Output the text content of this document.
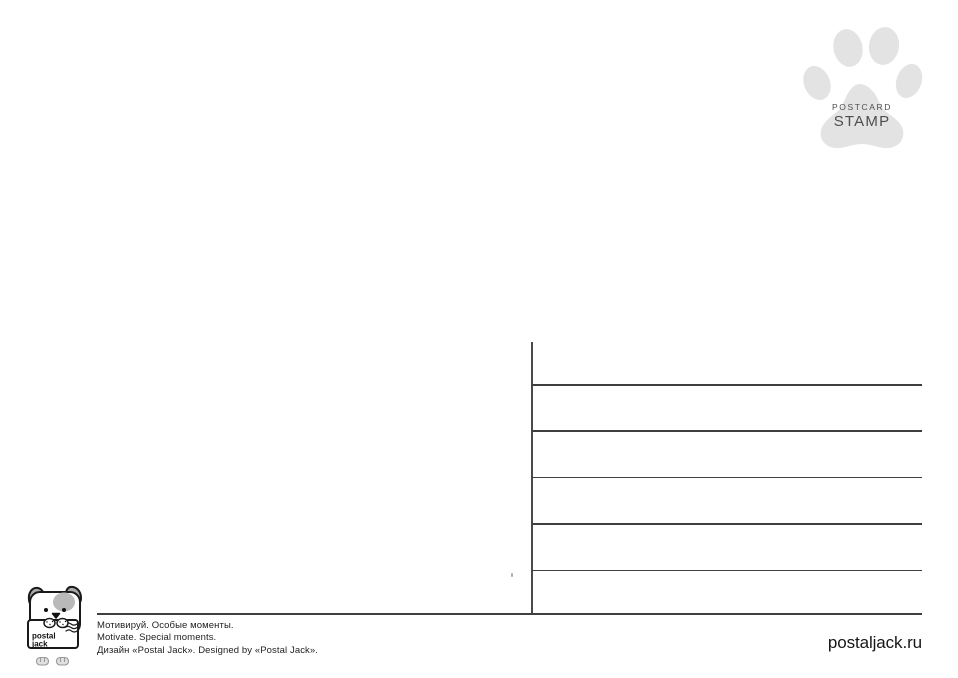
POSTCARD
STAMP
postal
jack
Мотивируй. Особые моменты.
Motivate. Special moments.
Дизайн «Postal Jack». Designed by «Postal Jack».	postaljack.ru
